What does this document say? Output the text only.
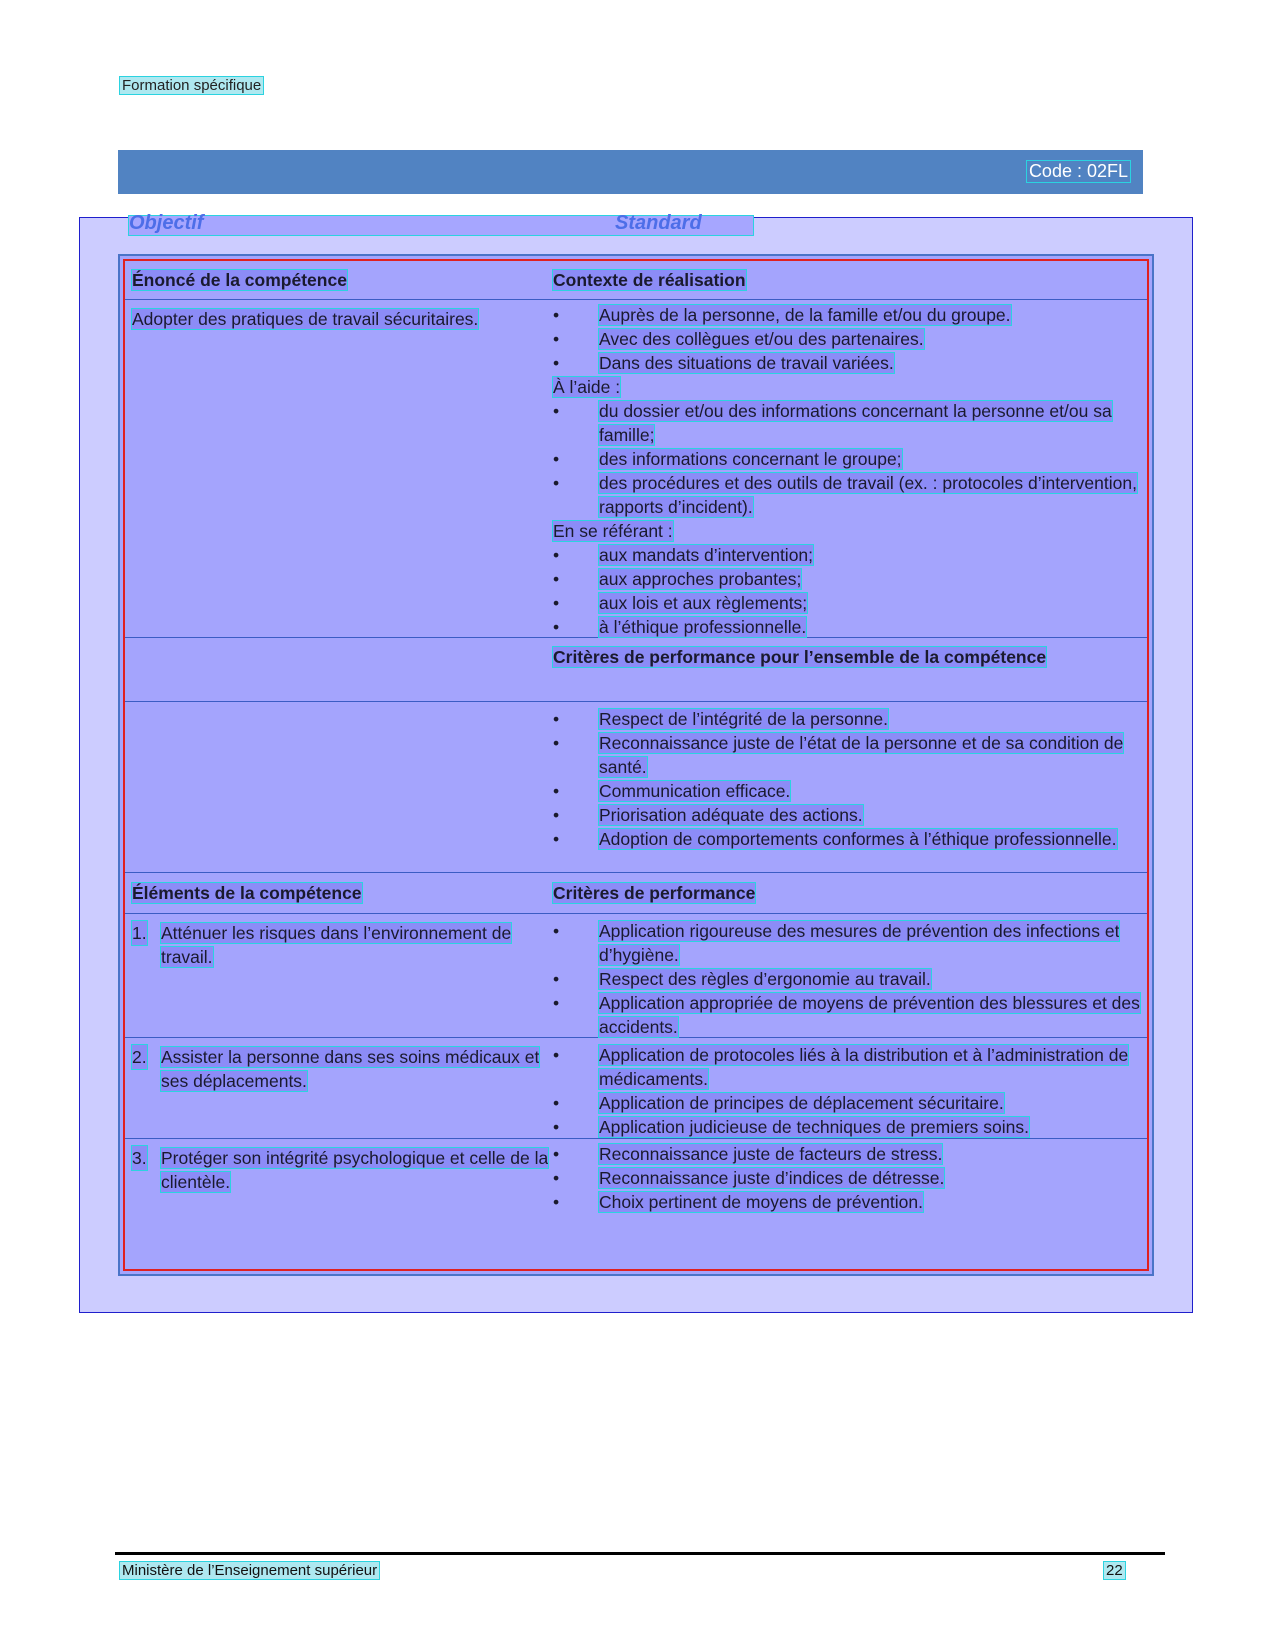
Formation spécifique
Code : 02FL
Objectif	Standard
Énoncé de la compétence	Contexte de réalisation
Adopter des pratiques de travail sécuritaires.
•	Auprès de la personne, de la famille et/ou du groupe.
• Avec des collègues et/ou des partenaires.
• Dans des situations de travail variées.
À l’aide :
• du dossier et/ou des informations concernant la personne et/ou sa famille;
• des informations concernant le groupe;
• des procédures et des outils de travail (ex. : protocoles d’intervention, rapports d’incident).
En se référant :
• aux mandats d’intervention;
• aux approches probantes;
• aux lois et aux règlements;
• à l’éthique professionnelle.
Critères de performance pour l’ensemble de la compétence
• Respect de l’intégrité de la personne.
• Reconnaissance juste de l’état de la personne et de sa condition de santé.
• Communication efficace.
• Priorisation adéquate des actions.
• Adoption de comportements conformes à l’éthique professionnelle.
Éléments de la compétence	Critères de performance
1. Atténuer les risques dans l’environnement de travail.
• Application rigoureuse des mesures de prévention des infections et d’hygiène.
• Respect des règles d’ergonomie au travail.
• Application appropriée de moyens de prévention des blessures et des accidents.
2. Assister la personne dans ses soins médicaux et ses déplacements.
• Application de protocoles liés à la distribution et à l’administration de médicaments.
• Application de principes de déplacement sécuritaire.
• Application judicieuse de techniques de premiers soins.
3. Protéger son intégrité psychologique et celle de la clientèle.
• Reconnaissance juste de facteurs de stress.
• Reconnaissance juste d’indices de détresse.
• Choix pertinent de moyens de prévention.
Ministère de l’Enseignement supérieur	22
